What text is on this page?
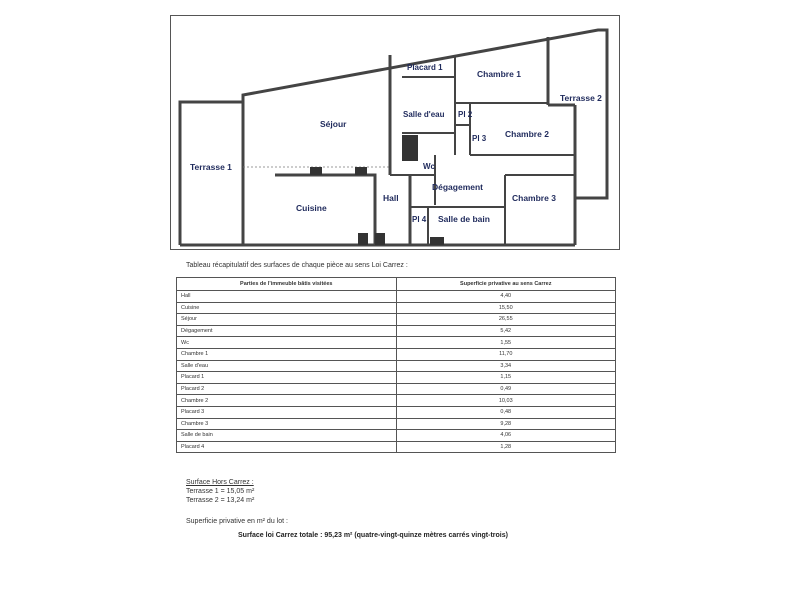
Placard 1
Chambre 1
Terrasse 2
Séjour
Salle d'eau Pl 2
Pl 3 Chambre 2
Terrasse 1	Wc
Dégagement
Chambre 3
Hall
Cuisine
Pl 4 Salle de bain
Tableau récapitulatif des surfaces de chaque pièce au sens Loi Carrez :
Parties de l'immeuble bâtis visitées	Superficie privative au sens Carrez
Hall	4,40
Cuisine	15,50
Séjour	26,55
Dégagement	5,42
Wc	1,55
Chambre 1	11,70
Salle d'eau	3,34
Placard 1	1,15
Placard 2	0,49
Chambre 2	10,03
Placard 3	0,48
Chambre 3	9,28
Salle de bain	4,06
Placard 4	1,28
Surface Hors Carrez :
Terrasse 1 = 15,05 m²
Terrasse 2 = 13,24 m²
Superficie privative en m² du lot :
Surface loi Carrez totale : 95,23 m² (quatre-vingt-quinze mètres carrés vingt-trois)
